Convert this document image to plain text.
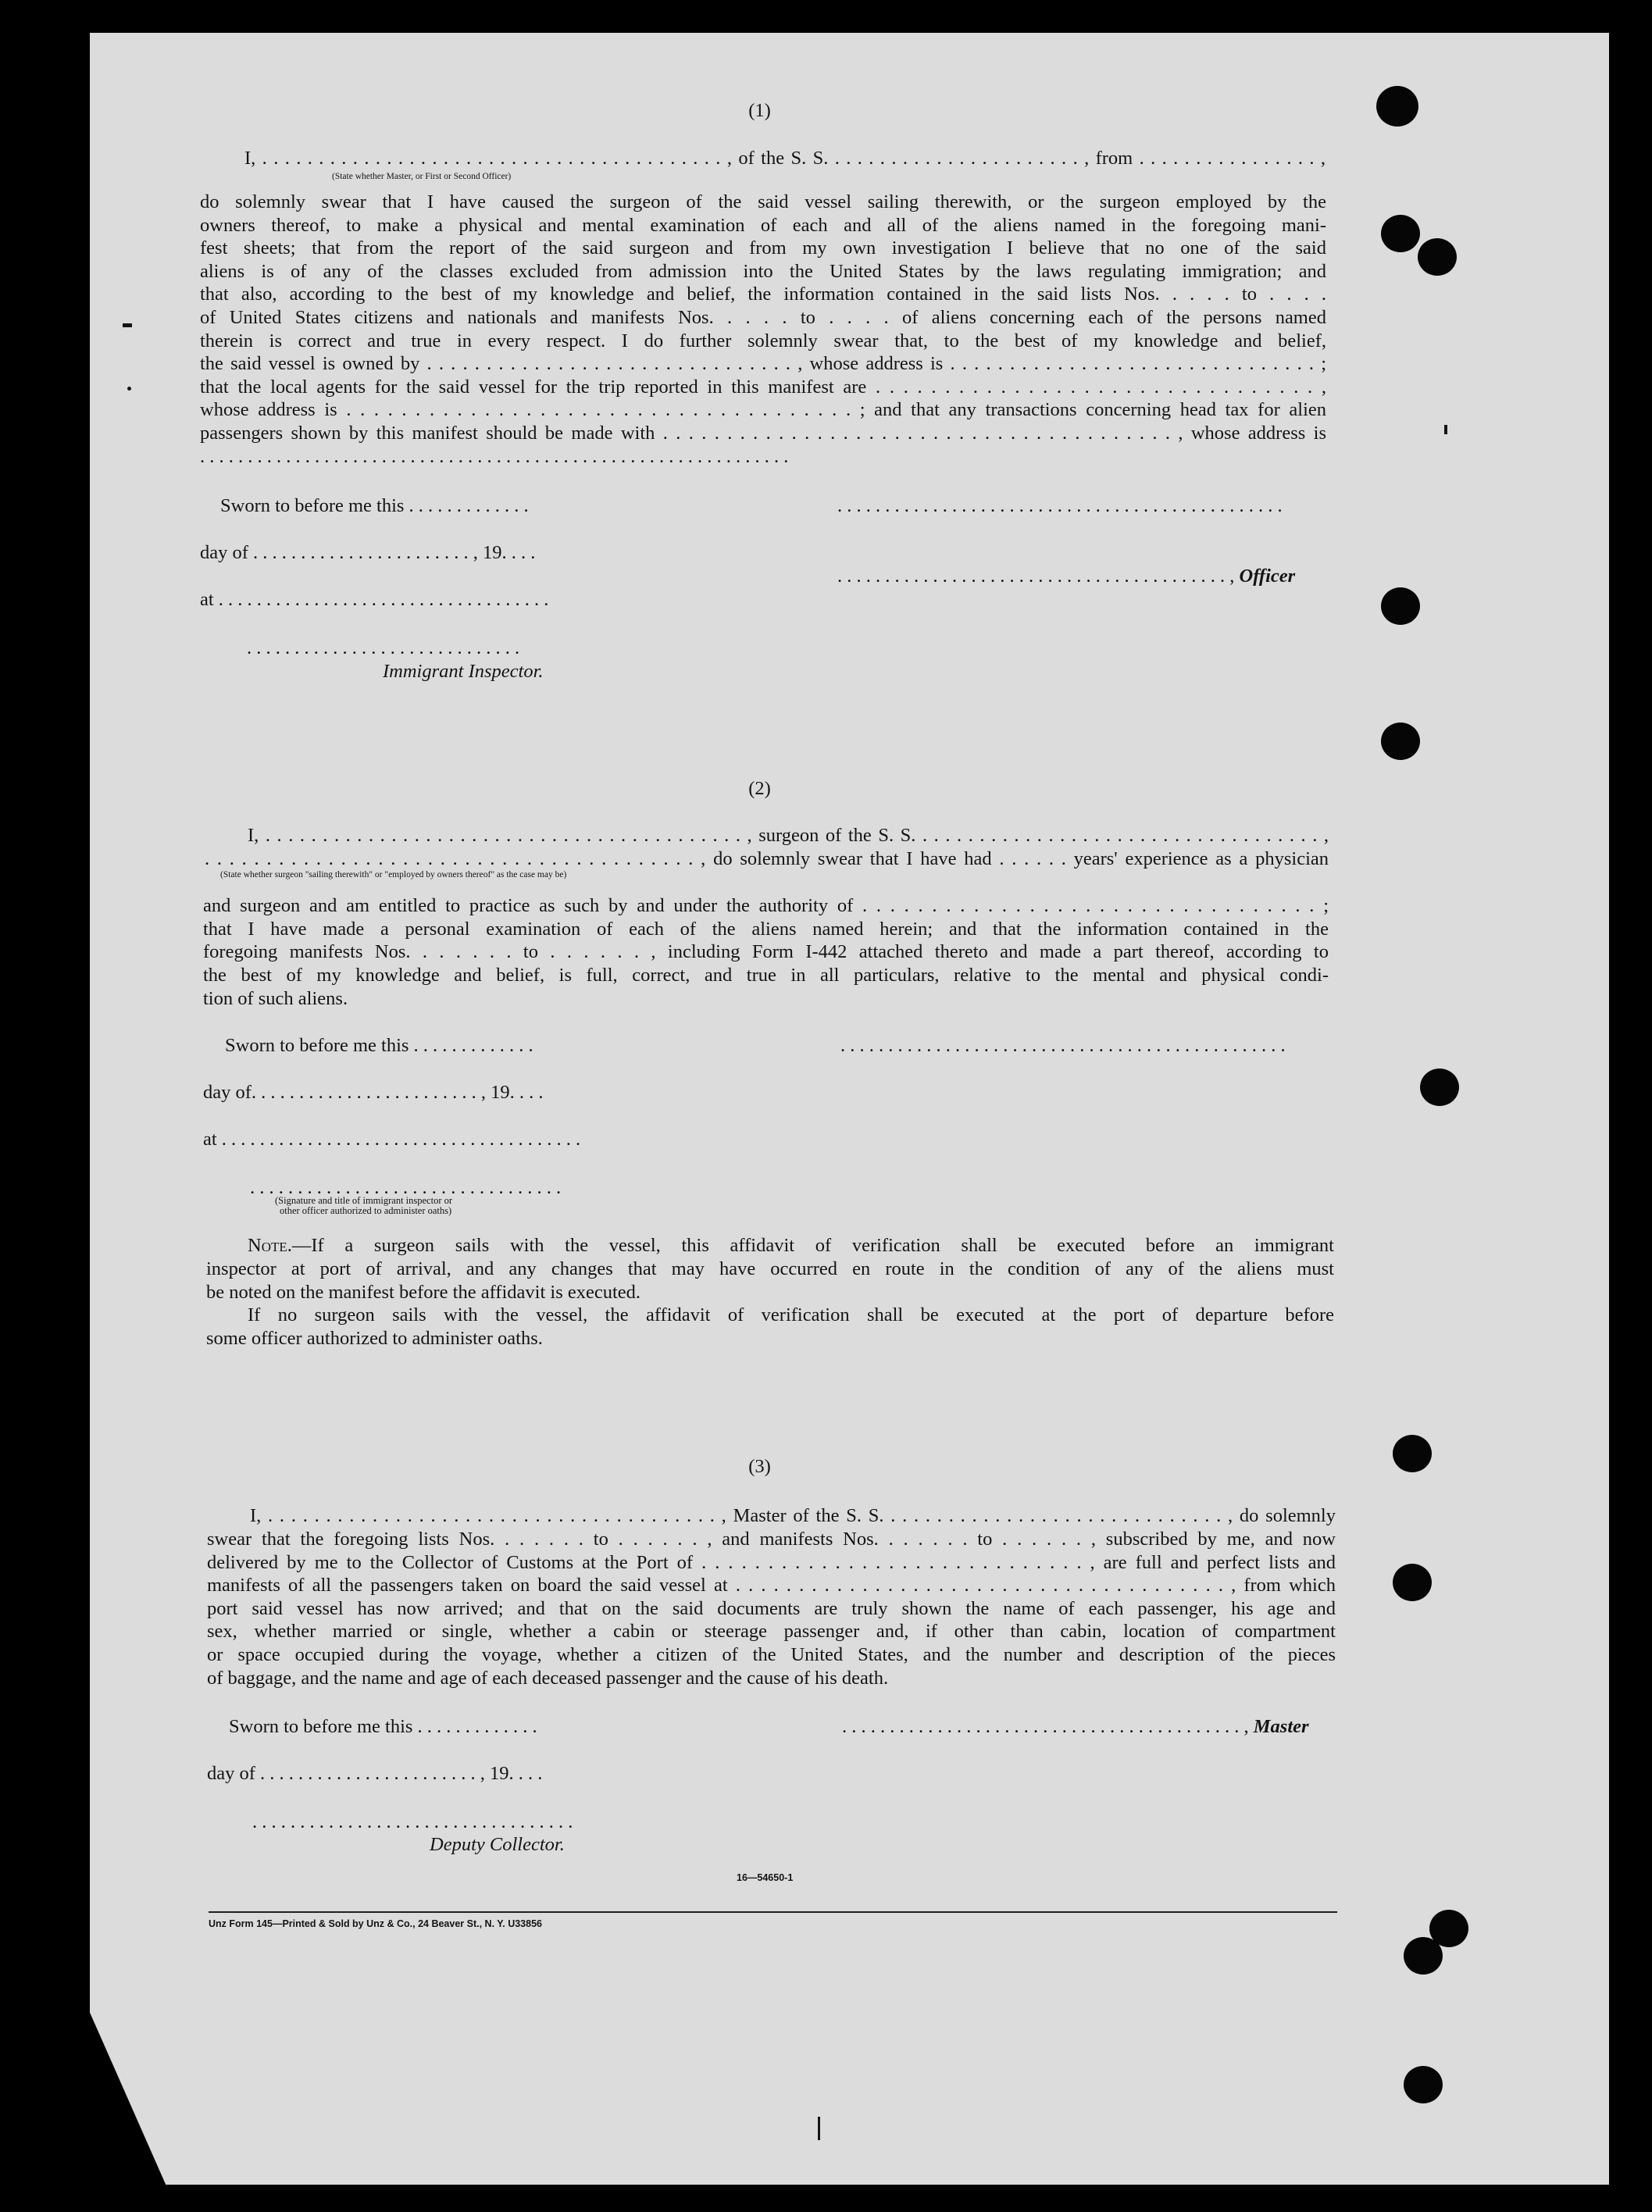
(1)
I, . . . . . . . . . . . . . . . . . . . . . . . . . . . . . . . . . . . . . . . . . , of the S. S. . . . . . . . . . . . . . . . . . . . . . . , from . . . . . . . . . . . . . . . . ,
(State whether Master, or First or Second Officer)
do solemnly swear that I have caused the surgeon of the said vessel sailing therewith, or the surgeon employed by the
owners thereof, to make a physical and mental examination of each and all of the aliens named in the foregoing mani-
fest sheets; that from the report of the said surgeon and from my own investigation I believe that no one of the said
aliens is of any of the classes excluded from admission into the United States by the laws regulating immigration; and
that also, according to the best of my knowledge and belief, the information contained in the said lists Nos. . . . . to . . . .
of United States citizens and nationals and manifests Nos. . . . . to . . . . of aliens concerning each of the persons named
therein is correct and true in every respect. I do further solemnly swear that, to the best of my knowledge and belief,
the said vessel is owned by . . . . . . . . . . . . . . . . . . . . . . . . . . . . . . . , whose address is . . . . . . . . . . . . . . . . . . . . . . . . . . . . . . . ;
that the local agents for the said vessel for the trip reported in this manifest are . . . . . . . . . . . . . . . . . . . . . . . . . . . . . . . . ,
whose address is . . . . . . . . . . . . . . . . . . . . . . . . . . . . . . . . . . . . . ; and that any transactions concerning head tax for alien
passengers shown by this manifest should be made with . . . . . . . . . . . . . . . . . . . . . . . . . . . . . . . . . . . . . . . . , whose address is
. . . . . . . . . . . . . . . . . . . . . . . . . . . . . . . . . . . . . . . . . . . . . . . . . . . . . . . . . . . . . .
Sworn to before me this . . . . . . . . . . . . .	. . . . . . . . . . . . . . . . . . . . . . . . . . . . . . . . . . . . . . . . . . . . . . .
day of . . . . . . . . . . . . . . . . . . . . . . . , 19. . . .
. . . . . . . . . . . . . . . . . . . . . . . . . . . . . . . . . . . . . . . . . , Officer
at . . . . . . . . . . . . . . . . . . . . . . . . . . . . . . . . . . .
. . . . . . . . . . . . . . . . . . . . . . . . . . . . .
Immigrant Inspector.
(2)
I, . . . . . . . . . . . . . . . . . . . . . . . . . . . . . . . . . . . . . . . . . . , surgeon of the S. S. . . . . . . . . . . . . . . . . . . . . . . . . . . . . . . . . . . . ,
. . . . . . . . . . . . . . . . . . . . . . . . . . . . . . . . . . . . . . . . , do solemnly swear that I have had . . . . . . years' experience as a physician
(State whether surgeon "sailing therewith" or "employed by owners thereof" as the case may be)
and surgeon and am entitled to practice as such by and under the authority of . . . . . . . . . . . . . . . . . . . . . . . . . . . . . . . . . ;
that I have made a personal examination of each of the aliens named herein; and that the information contained in the
foregoing manifests Nos. . . . . . . to . . . . . . , including Form I-442 attached thereto and made a part thereof, according to
the best of my knowledge and belief, is full, correct, and true in all particulars, relative to the mental and physical condi-
tion of such aliens.
Sworn to before me this . . . . . . . . . . . . .	. . . . . . . . . . . . . . . . . . . . . . . . . . . . . . . . . . . . . . . . . . . . . . .
day of. . . . . . . . . . . . . . . . . . . . . . . . , 19. . . .
at . . . . . . . . . . . . . . . . . . . . . . . . . . . . . . . . . . . . . .
. . . . . . . . . . . . . . . . . . . . . . . . . . . . . . . . .
(Signature and title of immigrant inspector or
other officer authorized to administer oaths)
Note.—If a surgeon sails with the vessel, this affidavit of verification shall be executed before an immigrant
inspector at port of arrival, and any changes that may have occurred en route in the condition of any of the aliens must
be noted on the manifest before the affidavit is executed.
If no surgeon sails with the vessel, the affidavit of verification shall be executed at the port of departure before
some officer authorized to administer oaths.
(3)
I, . . . . . . . . . . . . . . . . . . . . . . . . . . . . . . . . . . . . . . . , Master of the S. S. . . . . . . . . . . . . . . . . . . . . . . . . . . . . . , do solemnly
swear that the foregoing lists Nos. . . . . . . to . . . . . . , and manifests Nos. . . . . . . to . . . . . . , subscribed by me, and now
delivered by me to the Collector of Customs at the Port of . . . . . . . . . . . . . . . . . . . . . . . . . . . . . , are full and perfect lists and
manifests of all the passengers taken on board the said vessel at . . . . . . . . . . . . . . . . . . . . . . . . . . . . . . . . . . . . . . . , from which
port said vessel has now arrived; and that on the said documents are truly shown the name of each passenger, his age and
sex, whether married or single, whether a cabin or steerage passenger and, if other than cabin, location of compartment
or space occupied during the voyage, whether a citizen of the United States, and the number and description of the pieces
of baggage, and the name and age of each deceased passenger and the cause of his death.
Sworn to before me this . . . . . . . . . . . . .	. . . . . . . . . . . . . . . . . . . . . . . . . . . . . . . . . . . . . . . . . . , Master
day of . . . . . . . . . . . . . . . . . . . . . . . , 19. . . .
. . . . . . . . . . . . . . . . . . . . . . . . . . . . . . . . . .
Deputy Collector.
16—54650-1
Unz Form 145—Printed & Sold by Unz & Co., 24 Beaver St., N. Y. U33856
